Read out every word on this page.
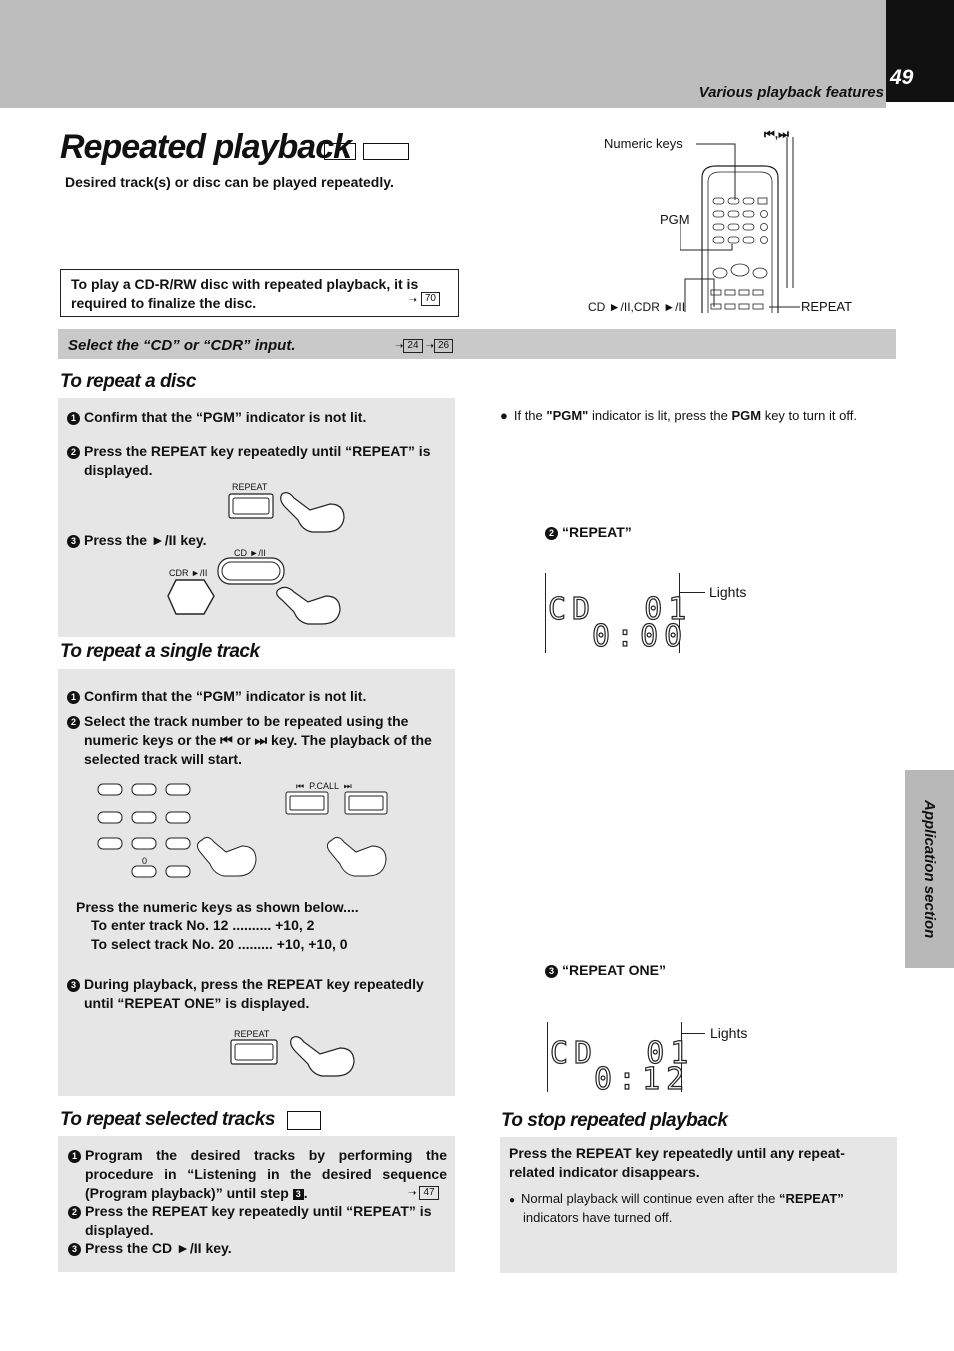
49
Various playback features
Repeated playback
Desired track(s) or disc can be played repeatedly.
Numeric keys
⏮,⏭
PGM
CD ►/II,CDR ►/II	REPEAT
To play a CD-R/RW disc with repeated playback, it is required to finalize the disc.	➝ 70
Select the “CD” or “CDR” input.	➝ 24 ➝ 26
To repeat a disc
1 Confirm that the “PGM” indicator is not lit.
2 Press the REPEAT key repeatedly until “REPEAT” is displayed.
REPEAT
3 Press the ►/II key.
CD ►/II
CDR ►/II
● If the "PGM" indicator is lit, press the PGM key to turn it off.
2 “REPEAT”
Lights
CD  01
0:00
To repeat a single track
1 Confirm that the “PGM” indicator is not lit.
2 Select the track number to be repeated using the numeric keys or the ⏮ or ⏭ key. The playback of the selected track will start.
0
⏮  P.CALL  ⏭
Press the numeric keys as shown below....
To enter track No. 12 .......... +10, 2
To select track No. 20 ......... +10, +10, 0
3 During playback, press the REPEAT key repeatedly until “REPEAT ONE” is displayed.
REPEAT
3 “REPEAT ONE”
Lights
CD  01
0:12
Application section
To repeat selected tracks
1 Program the desired tracks by performing the procedure in “Listening in the desired sequence (Program playback)” until step 3 .	➝ 47
2 Press the REPEAT key repeatedly until “REPEAT” is displayed.
3 Press the CD ►/II key.
To stop repeated playback
Press the REPEAT key repeatedly until any repeat-related indicator disappears.
● Normal playback will continue even after the “REPEAT” indicators have turned off.
